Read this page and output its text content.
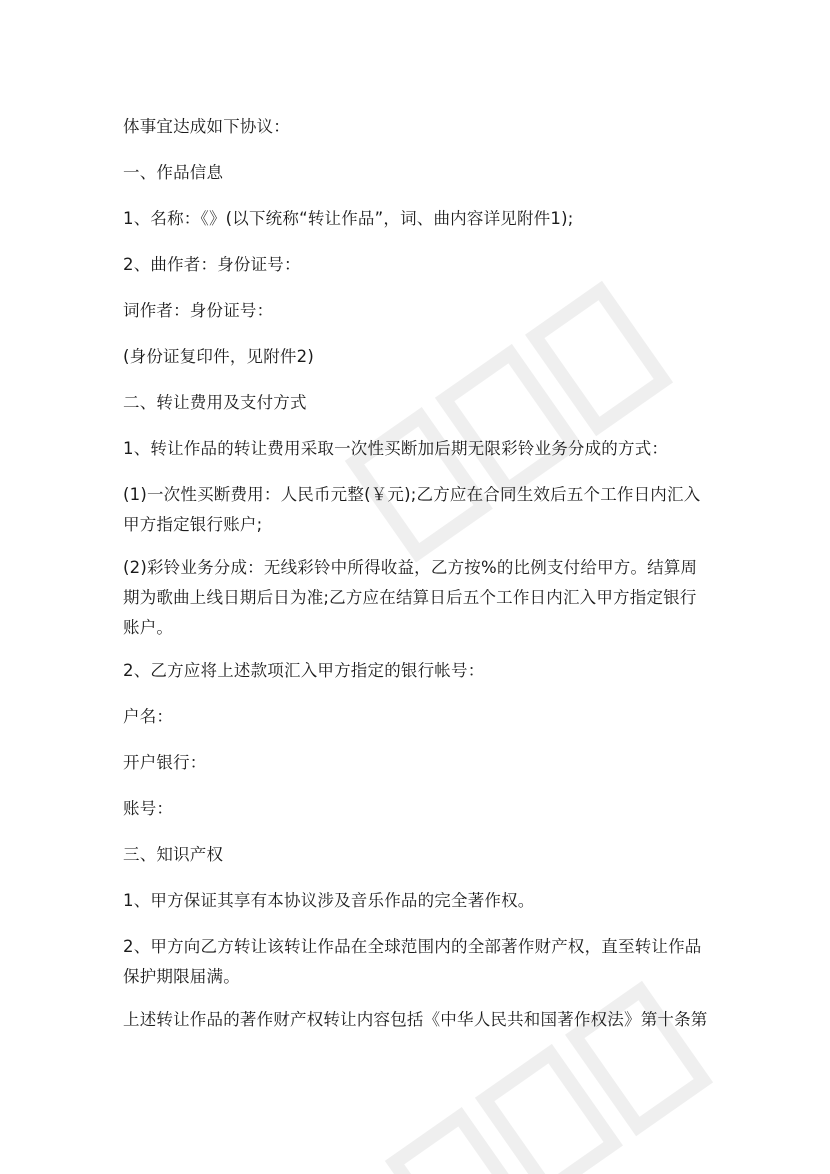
体事宜达成如下协议：

一、作品信息

1、名称：《》(以下统称“转让作品”，词、曲内容详见附件1);

2、曲作者：身份证号：

词作者：身份证号：

(身份证复印件，见附件2)

二、转让费用及支付方式

1、转让作品的转让费用采取一次性买断加后期无限彩铃业务分成的方式：

(1)一次性买断费用：人民币元整(￥元);乙方应在合同生效后五个工作日内汇入甲方指定银行账户;

(2)彩铃业务分成：无线彩铃中所得收益，乙方按%的比例支付给甲方。结算周期为歌曲上线日期后日为准;乙方应在结算日后五个工作日内汇入甲方指定银行账户。

2、乙方应将上述款项汇入甲方指定的银行帐号：

户名：

开户银行：

账号：

三、知识产权

1、甲方保证其享有本协议涉及音乐作品的完全著作权。

2、甲方向乙方转让该转让作品在全球范围内的全部著作财产权，直至转让作品保护期限届满。

上述转让作品的著作财产权转让内容包括《中华人民共和国著作权法》第十条第
